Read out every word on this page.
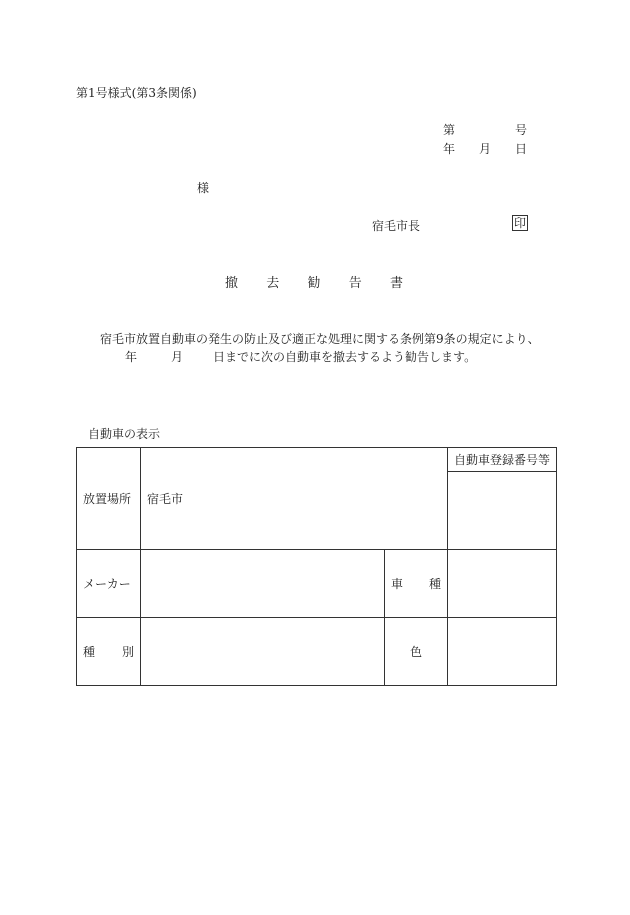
第1号様式(第3条関係)
第	号
年 月 日
様
宿毛市長	印
撤 去 勧 告 書
宿毛市放置自動車の発生の防止及び適正な処理に関する条例第9条の規定により、
年	月	日までに次の自動車を撤去するよう勧告します。
自動車の表示
放置場所	宿毛市		自動車登録番号等

メーカー		車 種	

種 別		色	
